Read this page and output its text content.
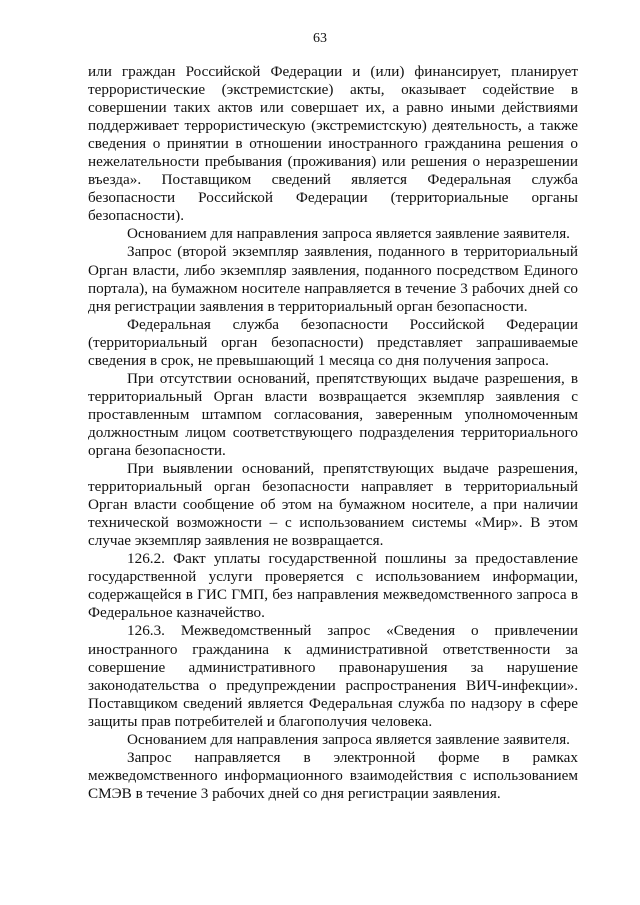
63

или граждан Российской Федерации и (или) финансирует, планирует террористические (экстремистские) акты, оказывает содействие в совершении таких актов или совершает их, а равно иными действиями поддерживает террористическую (экстремистскую) деятельность, а также сведения о принятии в отношении иностранного гражданина решения о нежелательности пребывания (проживания) или решения о неразрешении въезда». Поставщиком сведений является Федеральная служба безопасности Российской Федерации (территориальные органы безопасности).

Основанием для направления запроса является заявление заявителя.

Запрос (второй экземпляр заявления, поданного в территориальный Орган власти, либо экземпляр заявления, поданного посредством Единого портала), на бумажном носителе направляется в течение 3 рабочих дней со дня регистрации заявления в территориальный орган безопасности.

Федеральная служба безопасности Российской Федерации (территориальный орган безопасности) представляет запрашиваемые сведения в срок, не превышающий 1 месяца со дня получения запроса.

При отсутствии оснований, препятствующих выдаче разрешения, в территориальный Орган власти возвращается экземпляр заявления с проставленным штампом согласования, заверенным уполномоченным должностным лицом соответствующего подразделения территориального органа безопасности.

При выявлении оснований, препятствующих выдаче разрешения, территориальный орган безопасности направляет в территориальный Орган власти сообщение об этом на бумажном носителе, а при наличии технической возможности – с использованием системы «Мир». В этом случае экземпляр заявления не возвращается.

126.2. Факт уплаты государственной пошлины за предоставление государственной услуги проверяется с использованием информации, содержащейся в ГИС ГМП, без направления межведомственного запроса в Федеральное казначейство.

126.3. Межведомственный запрос «Сведения о привлечении иностранного гражданина к административной ответственности за совершение административного правонарушения за нарушение законодательства о предупреждении распространения ВИЧ-инфекции». Поставщиком сведений является Федеральная служба по надзору в сфере защиты прав потребителей и благополучия человека.

Основанием для направления запроса является заявление заявителя.

Запрос направляется в электронной форме в рамках межведомственного информационного взаимодействия с использованием СМЭВ в течение 3 рабочих дней со дня регистрации заявления.
